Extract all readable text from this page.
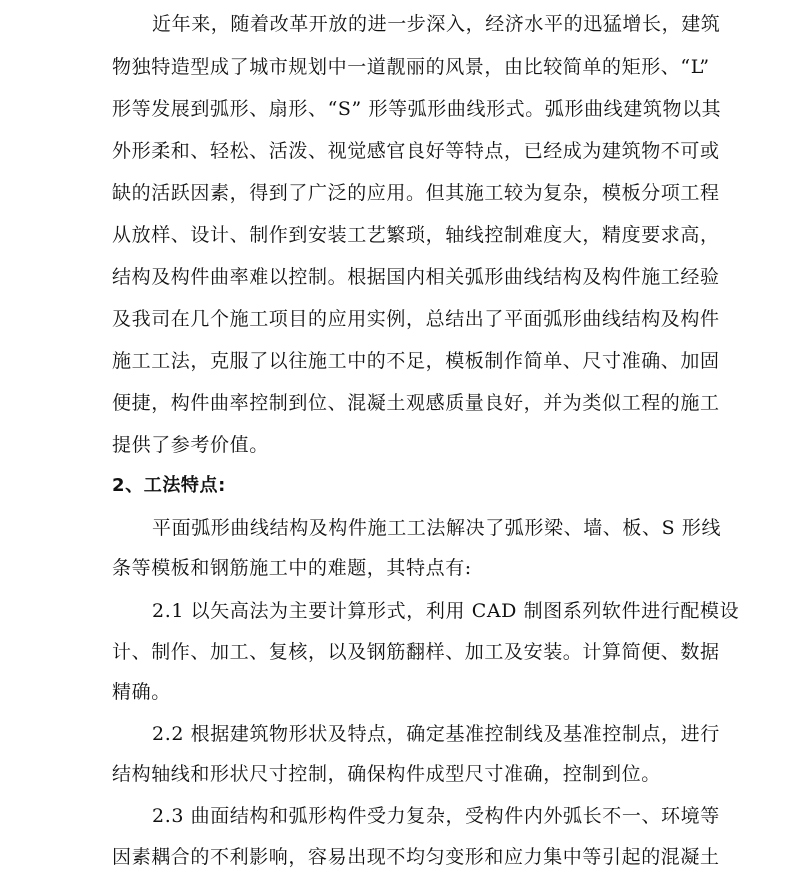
近年来，随着改革开放的进一步深入，经济水平的迅猛增长，建筑
物独特造型成了城市规划中一道靓丽的风景，由比较简单的矩形、“L”
形等发展到弧形、扇形、“S” 形等弧形曲线形式。弧形曲线建筑物以其
外形柔和、轻松、活泼、视觉感官良好等特点，已经成为建筑物不可或
缺的活跃因素，得到了广泛的应用。但其施工较为复杂，模板分项工程
从放样、设计、制作到安装工艺繁琐，轴线控制难度大，精度要求高，
结构及构件曲率难以控制。根据国内相关弧形曲线结构及构件施工经验
及我司在几个施工项目的应用实例，总结出了平面弧形曲线结构及构件
施工工法，克服了以往施工中的不足，模板制作简单、尺寸准确、加固
便捷，构件曲率控制到位、混凝土观感质量良好，并为类似工程的施工
提供了参考价值。
2、工法特点:
平面弧形曲线结构及构件施工工法解决了弧形梁、墙、板、S 形线
条等模板和钢筋施工中的难题，其特点有:
2.1 以矢高法为主要计算形式，利用 CAD 制图系列软件进行配模设
计、制作、加工、复核，以及钢筋翻样、加工及安装。计算简便、数据
精确。
2.2 根据建筑物形状及特点，确定基准控制线及基准控制点，进行
结构轴线和形状尺寸控制，确保构件成型尺寸准确，控制到位。
2.3 曲面结构和弧形构件受力复杂，受构件内外弧长不一、环境等
因素耦合的不利影响，容易出现不均匀变形和应力集中等引起的混凝土
